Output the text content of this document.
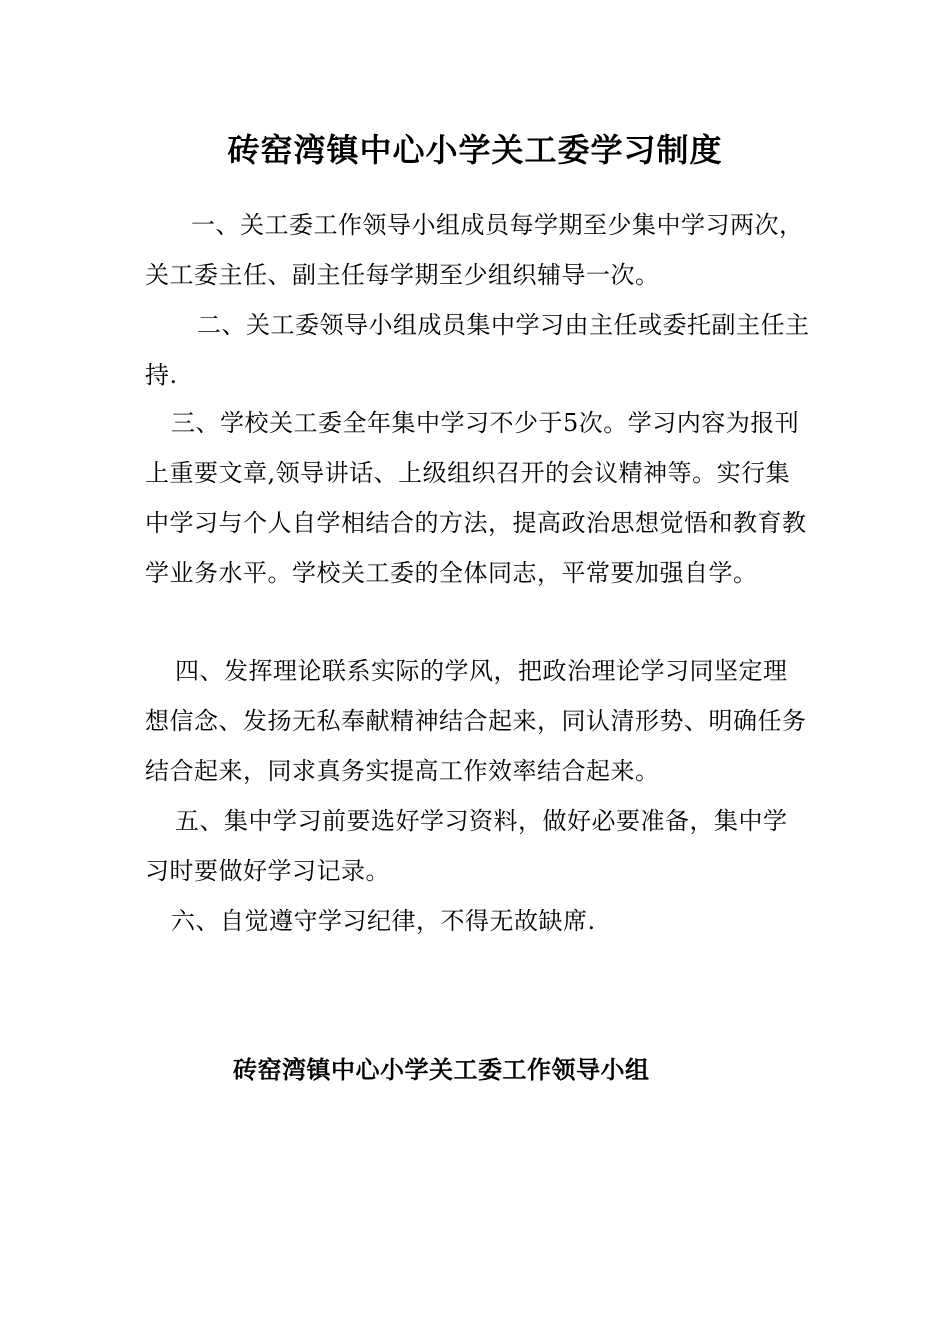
砖窑湾镇中心小学关工委学习制度

一、关工委工作领导小组成员每学期至少集中学习两次，关工委主任、副主任每学期至少组织辅导一次。

二、关工委领导小组成员集中学习由主任或委托副主任主持.

三、学校关工委全年集中学习不少于5次。学习内容为报刊上重要文章,领导讲话、上级组织召开的会议精神等。实行集中学习与个人自学相结合的方法，提高政治思想觉悟和教育教学业务水平。学校关工委的全体同志，平常要加强自学。

四、发挥理论联系实际的学风，把政治理论学习同坚定理想信念、发扬无私奉献精神结合起来，同认清形势、明确任务结合起来，同求真务实提高工作效率结合起来。

五、集中学习前要选好学习资料，做好必要准备，集中学习时要做好学习记录。

六、自觉遵守学习纪律，不得无故缺席.

砖窑湾镇中心小学关工委工作领导小组
